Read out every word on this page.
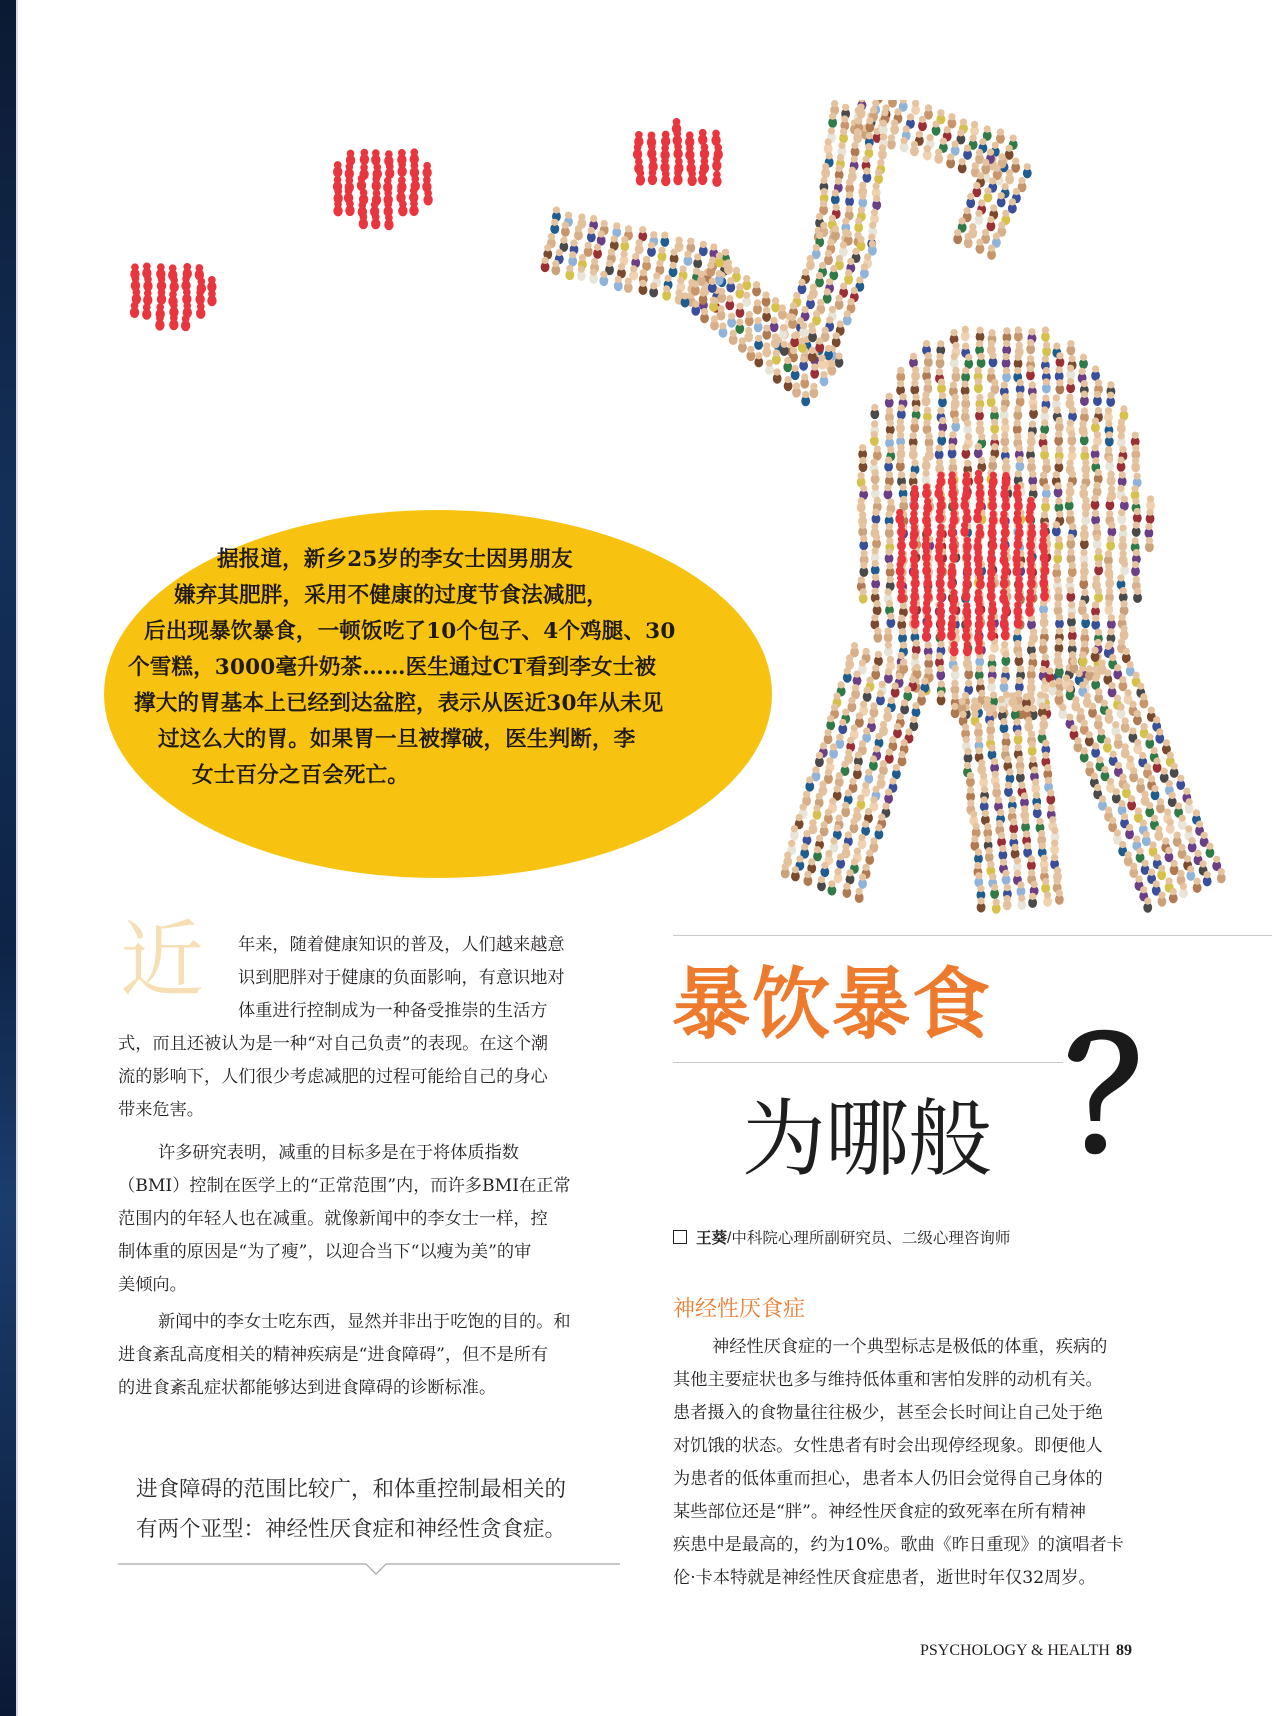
据报道，新乡25岁的李女士因男朋友
嫌弃其肥胖，采用不健康的过度节食法减肥，
后出现暴饮暴食，一顿饭吃了10个包子、4个鸡腿、30
个雪糕，3000毫升奶茶……医生通过CT看到李女士被
撑大的胃基本上已经到达盆腔，表示从医近30年从未见
过这么大的胃。如果胃一旦被撑破，医生判断，李
女士百分之百会死亡。
暴饮暴食
为哪般 ？
王葵/中科院心理所副研究员、二级心理咨询师
近 年来，随着健康知识的普及，人们越来越意
识到肥胖对于健康的负面影响，有意识地对
体重进行控制成为一种备受推崇的生活方
式，而且还被认为是一种“对自己负责”的表现。在这个潮
流的影响下，人们很少考虑减肥的过程可能给自己的身心
带来危害。
许多研究表明，减重的目标多是在于将体质指数
（BMI）控制在医学上的“正常范围”内，而许多BMI在正常
范围内的年轻人也在减重。就像新闻中的李女士一样，控
制体重的原因是“为了瘦”，以迎合当下“以瘦为美”的审
美倾向。
新闻中的李女士吃东西，显然并非出于吃饱的目的。和
进食紊乱高度相关的精神疾病是“进食障碍”，但不是所有
的进食紊乱症状都能够达到进食障碍的诊断标准。
进食障碍的范围比较广，和体重控制最相关的
有两个亚型：神经性厌食症和神经性贪食症。
神经性厌食症
神经性厌食症的一个典型标志是极低的体重，疾病的
其他主要症状也多与维持低体重和害怕发胖的动机有关。
患者摄入的食物量往往极少，甚至会长时间让自己处于绝
对饥饿的状态。女性患者有时会出现停经现象。即便他人
为患者的低体重而担心，患者本人仍旧会觉得自己身体的
某些部位还是“胖”。神经性厌食症的致死率在所有精神
疾患中是最高的，约为10%。歌曲《昨日重现》的演唱者卡
伦·卡本特就是神经性厌食症患者，逝世时年仅32周岁。
PSYCHOLOGY & HEALTH 89
